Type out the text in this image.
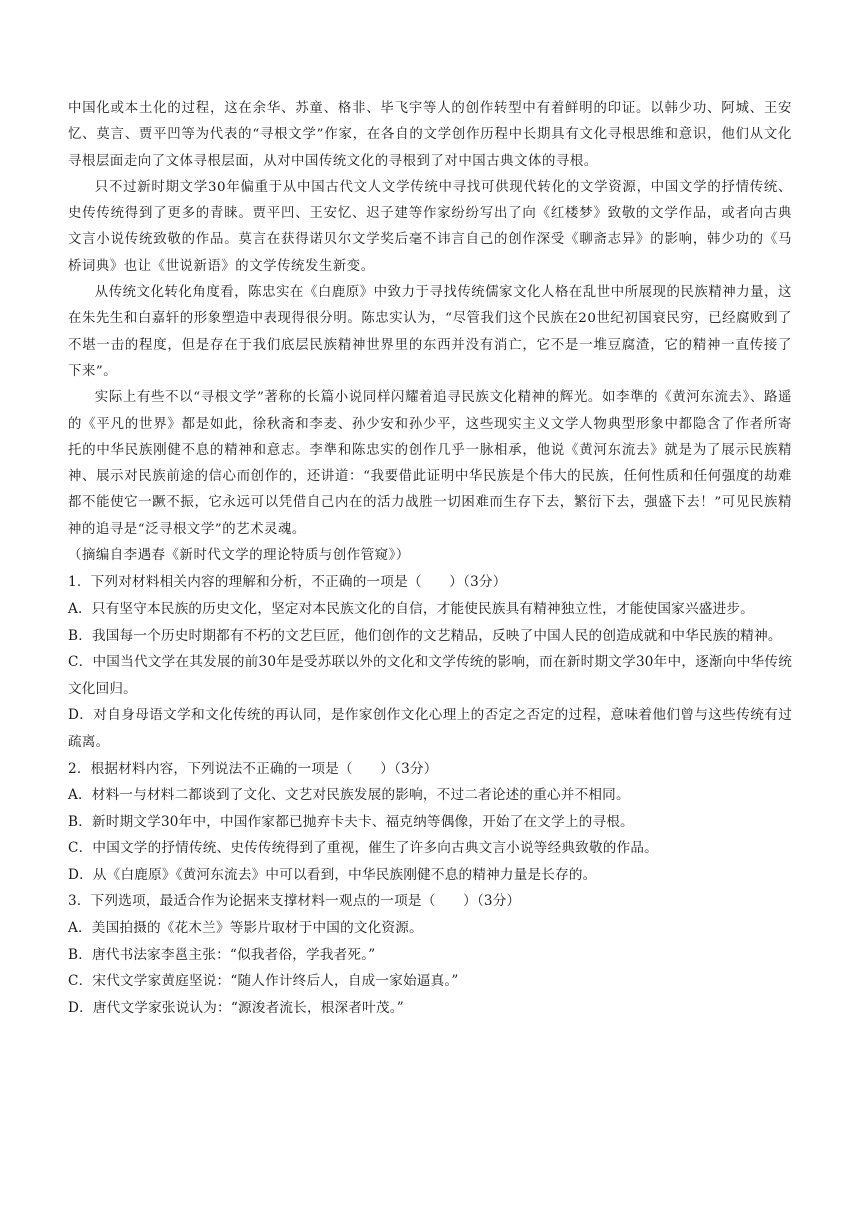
中国化或本土化的过程，这在余华、苏童、格非、毕飞宇等人的创作转型中有着鲜明的印证。以韩少功、阿城、王安忆、莫言、贾平凹等为代表的“寻根文学”作家，在各自的文学创作历程中长期具有文化寻根思维和意识，他们从文化寻根层面走向了文体寻根层面，从对中国传统文化的寻根到了对中国古典文体的寻根。

只不过新时期文学30年偏重于从中国古代文人文学传统中寻找可供现代转化的文学资源，中国文学的抒情传统、史传传统得到了更多的青睐。贾平凹、王安忆、迟子建等作家纷纷写出了向《红楼梦》致敬的文学作品，或者向古典文言小说传统致敬的作品。莫言在获得诺贝尔文学奖后毫不讳言自己的创作深受《聊斋志异》的影响，韩少功的《马桥词典》也让《世说新语》的文学传统发生新变。

从传统文化转化角度看，陈忠实在《白鹿原》中致力于寻找传统儒家文化人格在乱世中所展现的民族精神力量，这在朱先生和白嘉轩的形象塑造中表现得很分明。陈忠实认为，“尽管我们这个民族在20世纪初国衰民穷，已经腐败到了不堪一击的程度，但是存在于我们底层民族精神世界里的东西并没有消亡，它不是一堆豆腐渣，它的精神一直传接了下来”。

实际上有些不以“寻根文学”著称的长篇小说同样闪耀着追寻民族文化精神的辉光。如李準的《黄河东流去》、路遥的《平凡的世界》都是如此，徐秋斋和李麦、孙少安和孙少平，这些现实主义文学人物典型形象中都隐含了作者所寄托的中华民族刚健不息的精神和意志。李準和陈忠实的创作几乎一脉相承，他说《黄河东流去》就是为了展示民族精神、展示对民族前途的信心而创作的，还讲道：“我要借此证明中华民族是个伟大的民族，任何性质和任何强度的劫难都不能使它一蹶不振，它永远可以凭借自己内在的活力战胜一切困难而生存下去，繁衍下去，强盛下去！”可见民族精神的追寻是“泛寻根文学”的艺术灵魂。

（摘编自李遇春《新时代文学的理论特质与创作管窥》）

1．下列对材料相关内容的理解和分析，不正确的一项是（　　）（3分）

A．只有坚守本民族的历史文化，坚定对本民族文化的自信，才能使民族具有精神独立性，才能使国家兴盛进步。

B．我国每一个历史时期都有不朽的文艺巨匠，他们创作的文艺精品，反映了中国人民的创造成就和中华民族的精神。

C．中国当代文学在其发展的前30年是受苏联以外的文化和文学传统的影响，而在新时期文学30年中，逐渐向中华传统文化回归。

D．对自身母语文学和文化传统的再认同，是作家创作文化心理上的否定之否定的过程，意味着他们曾与这些传统有过疏离。

2．根据材料内容，下列说法不正确的一项是（　　）（3分）

A．材料一与材料二都谈到了文化、文艺对民族发展的影响，不过二者论述的重心并不相同。

B．新时期文学30年中，中国作家都已抛弃卡夫卡、福克纳等偶像，开始了在文学上的寻根。

C．中国文学的抒情传统、史传传统得到了重视，催生了许多向古典文言小说等经典致敬的作品。

D．从《白鹿原》《黄河东流去》中可以看到，中华民族刚健不息的精神力量是长存的。

3．下列选项，最适合作为论据来支撑材料一观点的一项是（　　）（3分）

A．美国拍摄的《花木兰》等影片取材于中国的文化资源。

B．唐代书法家李邕主张：“似我者俗，学我者死。”

C．宋代文学家黄庭坚说：“随人作计终后人，自成一家始逼真。”

D．唐代文学家张说认为：“源浚者流长，根深者叶茂。”
